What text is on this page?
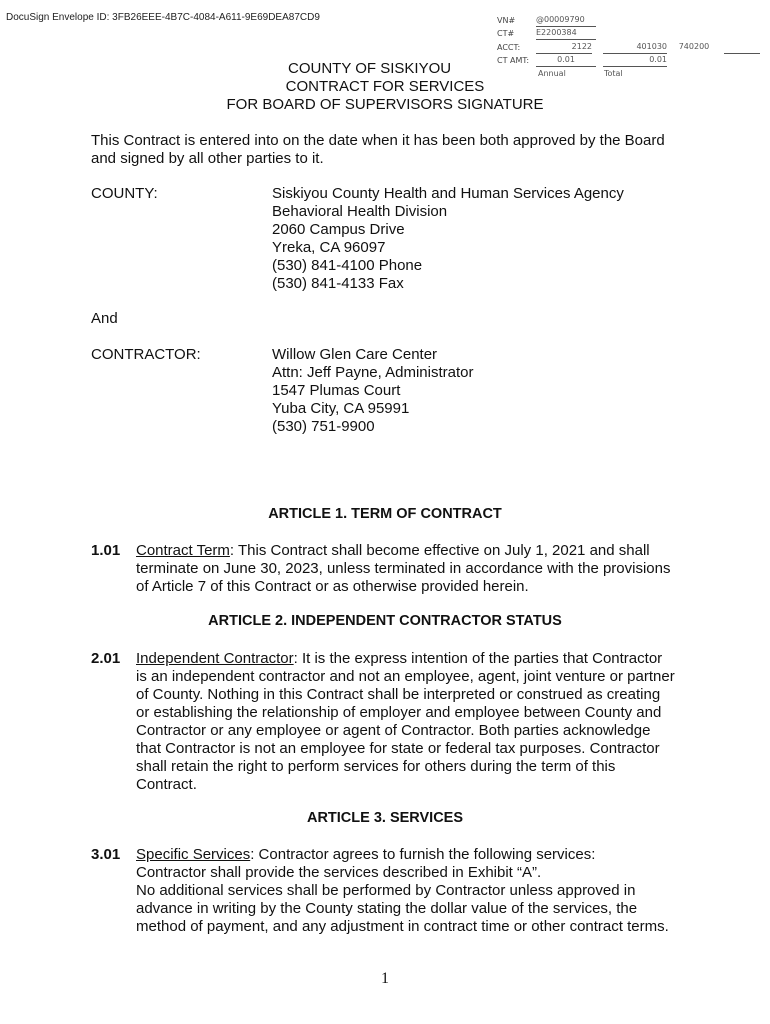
DocuSign Envelope ID: 3FB26EEE-4B7C-4084-A611-9E69DEA87CD9	VN#	@00009790
CT#	E2200384
ACCT:	2122	401030	740200
CT AMT:	0.01	0.01
Annual	Total
COUNTY OF SISKIYOU
CONTRACT FOR SERVICES
FOR BOARD OF SUPERVISORS SIGNATURE
This Contract is entered into on the date when it has been both approved by the Board
and signed by all other parties to it.
COUNTY:	Siskiyou County Health and Human Services Agency
Behavioral Health Division
2060 Campus Drive
Yreka, CA 96097
(530) 841-4100 Phone
(530) 841-4133 Fax
And
CONTRACTOR:	Willow Glen Care Center
Attn: Jeff Payne, Administrator
1547 Plumas Court
Yuba City, CA 95991
(530) 751-9900
ARTICLE 1. TERM OF CONTRACT
1.01 Contract Term: This Contract shall become effective on July 1, 2021 and shall
terminate on June 30, 2023, unless terminated in accordance with the provisions
of Article 7 of this Contract or as otherwise provided herein.
ARTICLE 2. INDEPENDENT CONTRACTOR STATUS
2.01 Independent Contractor: It is the express intention of the parties that Contractor
is an independent contractor and not an employee, agent, joint venture or partner
of County. Nothing in this Contract shall be interpreted or construed as creating
or establishing the relationship of employer and employee between County and
Contractor or any employee or agent of Contractor. Both parties acknowledge
that Contractor is not an employee for state or federal tax purposes. Contractor
shall retain the right to perform services for others during the term of this
Contract.
ARTICLE 3. SERVICES
3.01 Specific Services: Contractor agrees to furnish the following services:
Contractor shall provide the services described in Exhibit “A”.
No additional services shall be performed by Contractor unless approved in
advance in writing by the County stating the dollar value of the services, the
method of payment, and any adjustment in contract time or other contract terms.
1
